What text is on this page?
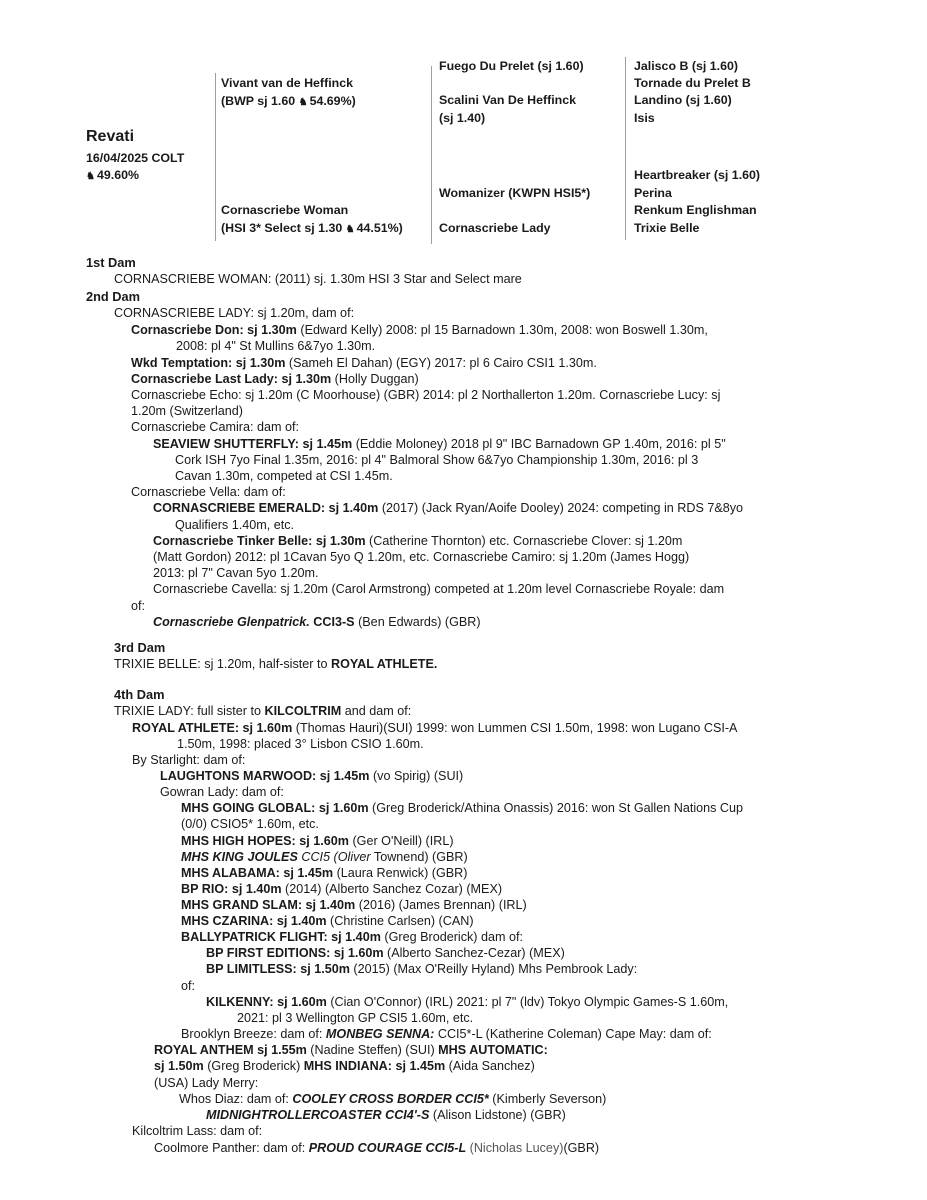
Revati
16/04/2025 COLT
♞ 49.60%
Vivant van de Heffinck
(BWP sj 1.60 ♞ 54.69%)
Cornascriebe Woman
(HSI 3* Select sj 1.30 ♞ 44.51%)
Fuego Du Prelet (sj 1.60)
Scalini Van De Heffinck
(sj 1.40)
Womanizer (KWPN HSI5*)
Cornascriebe Lady
Jalisco B (sj 1.60)
Tornade du Prelet B
Landino (sj 1.60)
Isis
Heartbreaker (sj 1.60)
Perina
Renkum Englishman
Trixie Belle
1st Dam
CORNASCRIEBE WOMAN: (2011) sj. 1.30m HSI 3 Star and Select mare
2nd Dam
CORNASCRIEBE LADY: sj 1.20m, dam of:
Cornascriebe Don: sj 1.30m (Edward Kelly) 2008: pl 15 Barnadown 1.30m, 2008: won Boswell 1.30m,
2008: pl 4" St Mullins 6&7yo 1.30m.
Wkd Temptation: sj 1.30m (Sameh El Dahan) (EGY) 2017: pl 6 Cairo CSI1 1.30m.
Cornascriebe Last Lady: sj 1.30m (Holly Duggan)
Cornascriebe Echo: sj 1.20m (C Moorhouse) (GBR) 2014: pl 2 Northallerton 1.20m. Cornascriebe Lucy: sj
1.20m (Switzerland)
Cornascriebe Camira: dam of:
SEAVIEW SHUTTERFLY: sj 1.45m (Eddie Moloney) 2018 pl 9" IBC Barnadown GP 1.40m, 2016: pl 5"
Cork ISH 7yo Final 1.35m, 2016: pl 4" Balmoral Show 6&7yo Championship 1.30m, 2016: pl 3
Cavan 1.30m, competed at CSI 1.45m.
Cornascriebe Vella: dam of:
CORNASCRIEBE EMERALD: sj 1.40m (2017) (Jack Ryan/Aoife Dooley) 2024: competing in RDS 7&8yo
Qualifiers 1.40m, etc.
Cornascriebe Tinker Belle: sj 1.30m (Catherine Thornton) etc. Cornascriebe Clover: sj 1.20m
(Matt Gordon) 2012: pl 1Cavan 5yo Q 1.20m, etc. Cornascriebe Camiro: sj 1.20m (James Hogg)
2013: pl 7" Cavan 5yo 1.20m.
Cornascriebe Cavella: sj 1.20m (Carol Armstrong) competed at 1.20m level Cornascriebe Royale: dam
of:
Cornascriebe Glenpatrick. CCI3-S (Ben Edwards) (GBR)
3rd Dam
TRIXIE BELLE: sj 1.20m, half-sister to ROYAL ATHLETE.
4th Dam
TRIXIE LADY: full sister to KILCOLTRIM and dam of:
ROYAL ATHLETE: sj 1.60m (Thomas Hauri)(SUI) 1999: won Lummen CSI 1.50m, 1998: won Lugano CSI-A
1.50m, 1998: placed 3° Lisbon CSIO 1.60m.
By Starlight: dam of:
LAUGHTONS MARWOOD: sj 1.45m (vo Spirig) (SUI)
Gowran Lady: dam of:
MHS GOING GLOBAL: sj 1.60m (Greg Broderick/Athina Onassis) 2016: won St Gallen Nations Cup
(0/0) CSIO5* 1.60m, etc.
MHS HIGH HOPES: sj 1.60m (Ger O'Neill) (IRL)
MHS KING JOULES CCI5 (Oliver Townend) (GBR)
MHS ALABAMA: sj 1.45m (Laura Renwick) (GBR)
BP RIO: sj 1.40m (2014) (Alberto Sanchez Cozar) (MEX)
MHS GRAND SLAM: sj 1.40m (2016) (James Brennan) (IRL)
MHS CZARINA: sj 1.40m (Christine Carlsen) (CAN)
BALLYPATRICK FLIGHT: sj 1.40m (Greg Broderick) dam of:
BP FIRST EDITIONS: sj 1.60m (Alberto Sanchez-Cezar) (MEX)
BP LIMITLESS: sj 1.50m (2015) (Max O'Reilly Hyland) Mhs Pembrook Lady:
of:
KILKENNY: sj 1.60m (Cian O'Connor) (IRL) 2021: pl 7" (ldv) Tokyo Olympic Games-S 1.60m,
2021: pl 3 Wellington GP CSI5 1.60m, etc.
Brooklyn Breeze: dam of: MONBEG SENNA: CCI5*-L (Katherine Coleman) Cape May: dam of:
ROYAL ANTHEM sj 1.55m (Nadine Steffen) (SUI) MHS AUTOMATIC:
sj 1.50m (Greg Broderick) MHS INDIANA: sj 1.45m (Aida Sanchez)
(USA) Lady Merry:
Whos Diaz: dam of: COOLEY CROSS BORDER CCI5* (Kimberly Severson)
MIDNIGHTROLLERCOASTER CCI4'-S (Alison Lidstone) (GBR)
Kilcoltrim Lass: dam of:
Coolmore Panther: dam of: PROUD COURAGE CCI5-L (Nicholas Lucey)(GBR)
